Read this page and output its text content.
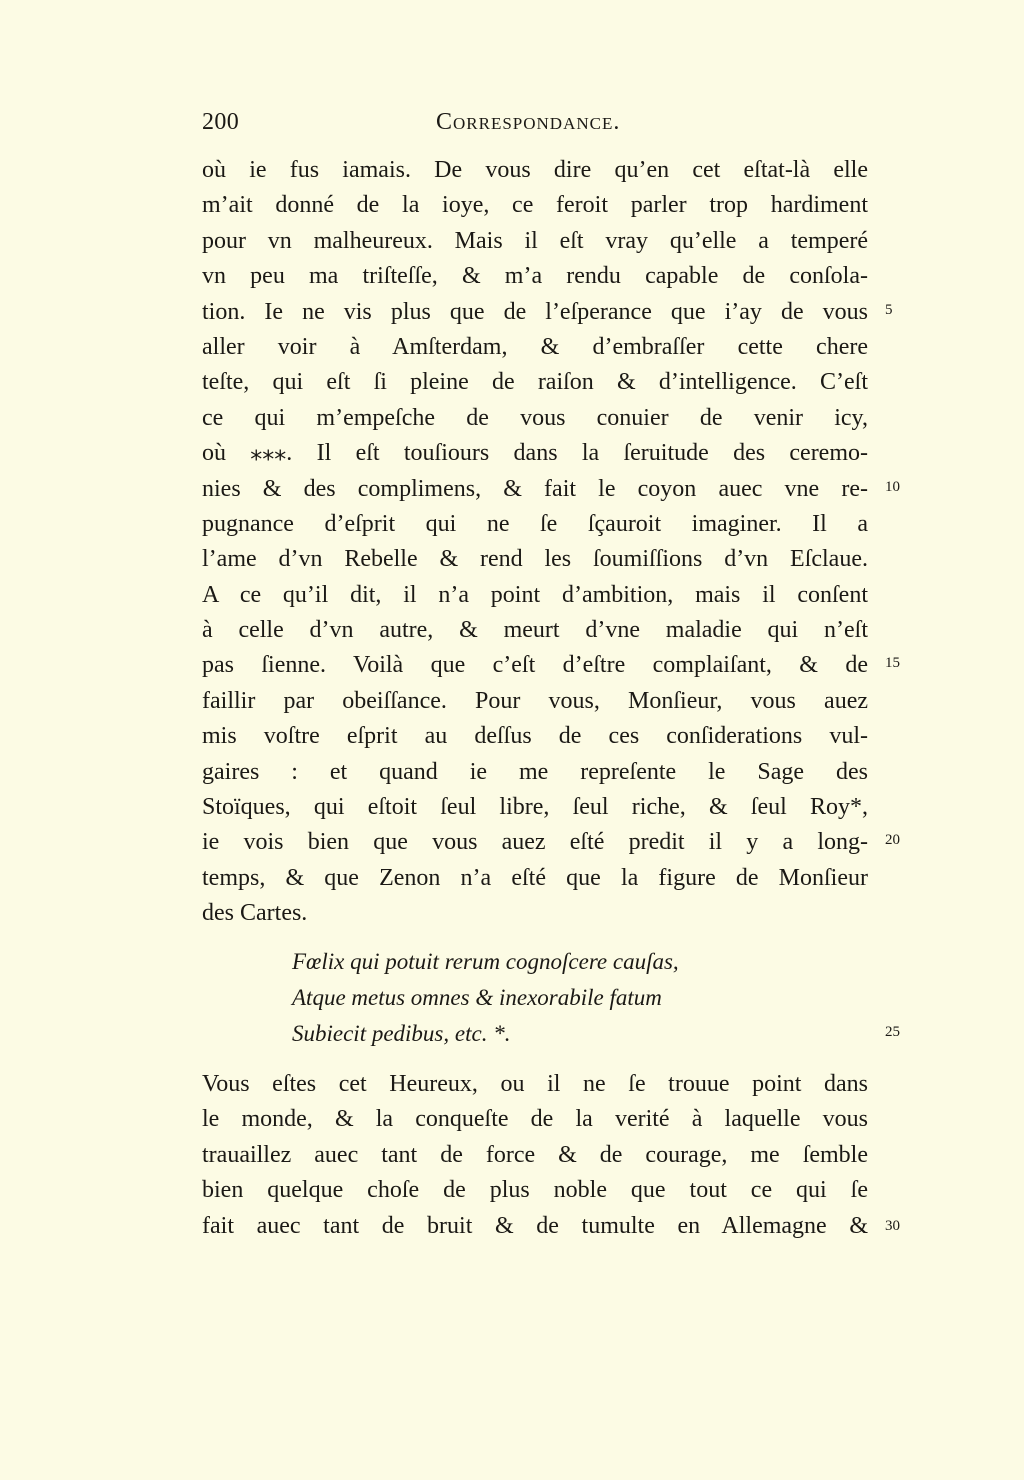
200	Correspondance.
où ie fus iamais. De vous dire qu’en cet eſtat-là elle
m’ait donné de la ioye, ce feroit parler trop hardiment
pour vn malheureux. Mais il eſt vray qu’elle a temperé
vn peu ma triſteſſe, & m’a rendu capable de conſola-
tion. Ie ne vis plus que de l’eſperance que i’ay de vous
aller voir à Amſterdam, & d’embraſſer cette chere
teſte, qui eſt ſi pleine de raiſon & d’intelligence. C’eſt
ce qui m’empeſche de vous conuier de venir icy,
où ⁎⁎⁎. Il eſt touſiours dans la ſeruitude des ceremo-
nies & des complimens, & fait le coyon auec vne re-
pugnance d’eſprit qui ne ſe ſçauroit imaginer. Il a
l’ame d’vn Rebelle & rend les ſoumiſſions d’vn Eſclaue.
A ce qu’il dit, il n’a point d’ambition, mais il conſent
à celle d’vn autre, & meurt d’vne maladie qui n’eſt
pas ſienne. Voilà que c’eſt d’eſtre complaiſant, & de
faillir par obeiſſance. Pour vous, Monſieur, vous auez
mis voſtre eſprit au deſſus de ces conſiderations vul-
gaires : et quand ie me repreſente le Sage des
Stoïques, qui eſtoit ſeul libre, ſeul riche, & ſeul Roy*,
ie vois bien que vous auez eſté predit il y a long-
temps, & que Zenon n’a eſté que la figure de Monſieur
des Cartes.
Fœlix qui potuit rerum cognoſcere cauſas,
Atque metus omnes & inexorabile fatum
Subiecit pedibus, etc. *.
Vous eſtes cet Heureux, ou il ne ſe trouue point dans
le monde, & la conqueſte de la verité à laquelle vous
trauaillez auec tant de force & de courage, me ſemble
bien quelque choſe de plus noble que tout ce qui ſe
fait auec tant de bruit & de tumulte en Allemagne &
5
10
15
20
25
30
